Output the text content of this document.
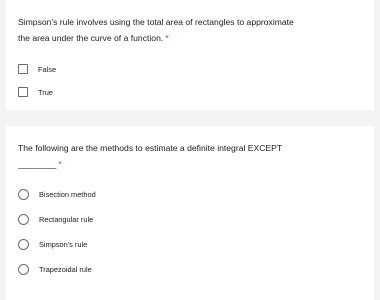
Simpson's rule involves using the total area of rectangles to approximate
the area under the curve of a function. *
False
True
The following are the methods to estimate a definite integral EXCEPT
________ *
Bisection method
Rectangular rule
Simpson's rule
Trapezoidal rule
